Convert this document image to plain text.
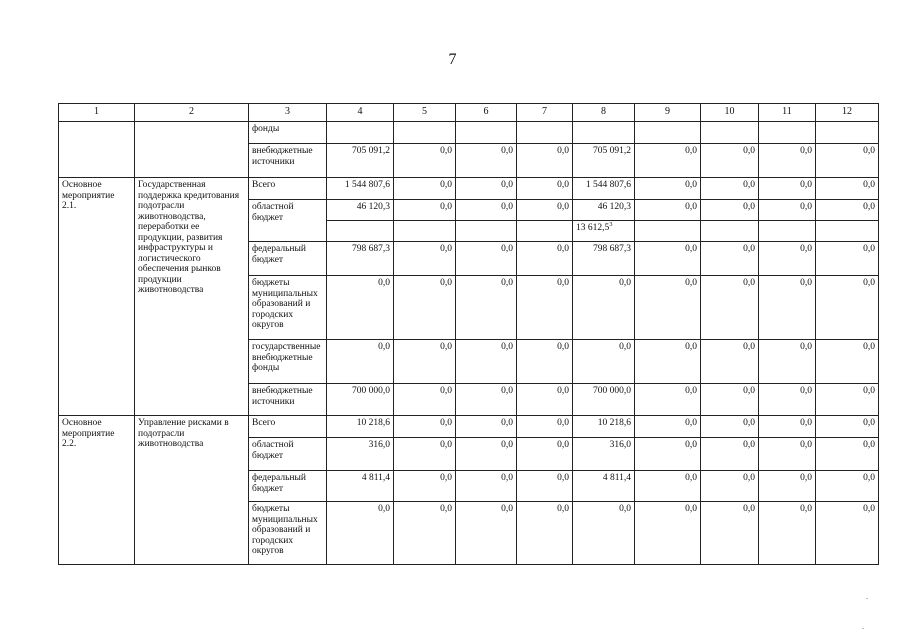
7
1	2	3	4	5	6	7	8	9	10	11	12
		фонды									
		внебюджетные источники	705 091,2	0,0	0,0	0,0	705 091,2	0,0	0,0	0,0	0,0
Основное мероприятие 2.1.	Государственная поддержка кредитования подотрасли животноводства, переработки ее продукции, развития инфраструктуры и логистического обеспечения рынков продукции животноводства	Всего	1 544 807,6	0,0	0,0	0,0	1 544 807,6	0,0	0,0	0,0	0,0
		областной бюджет	46 120,3	0,0	0,0	0,0	46 120,3	0,0	0,0	0,0	0,0
							13 612,5$^3$				
		федеральный бюджет	798 687,3	0,0	0,0	0,0	798 687,3	0,0	0,0	0,0	0,0
		бюджеты муниципальных образований и городских округов	0,0	0,0	0,0	0,0	0,0	0,0	0,0	0,0	0,0
		государственные внебюджетные фонды	0,0	0,0	0,0	0,0	0,0	0,0	0,0	0,0	0,0
		внебюджетные источники	700 000,0	0,0	0,0	0,0	700 000,0	0,0	0,0	0,0	0,0
Основное мероприятие 2.2.	Управление рисками в подотрасли животноводства	Всего	10 218,6	0,0	0,0	0,0	10 218,6	0,0	0,0	0,0	0,0
		областной бюджет	316,0	0,0	0,0	0,0	316,0	0,0	0,0	0,0	0,0
		федеральный бюджет	4 811,4	0,0	0,0	0,0	4 811,4	0,0	0,0	0,0	0,0
		бюджеты муниципальных образований и городских округов	0,0	0,0	0,0	0,0	0,0	0,0	0,0	0,0	0,0
